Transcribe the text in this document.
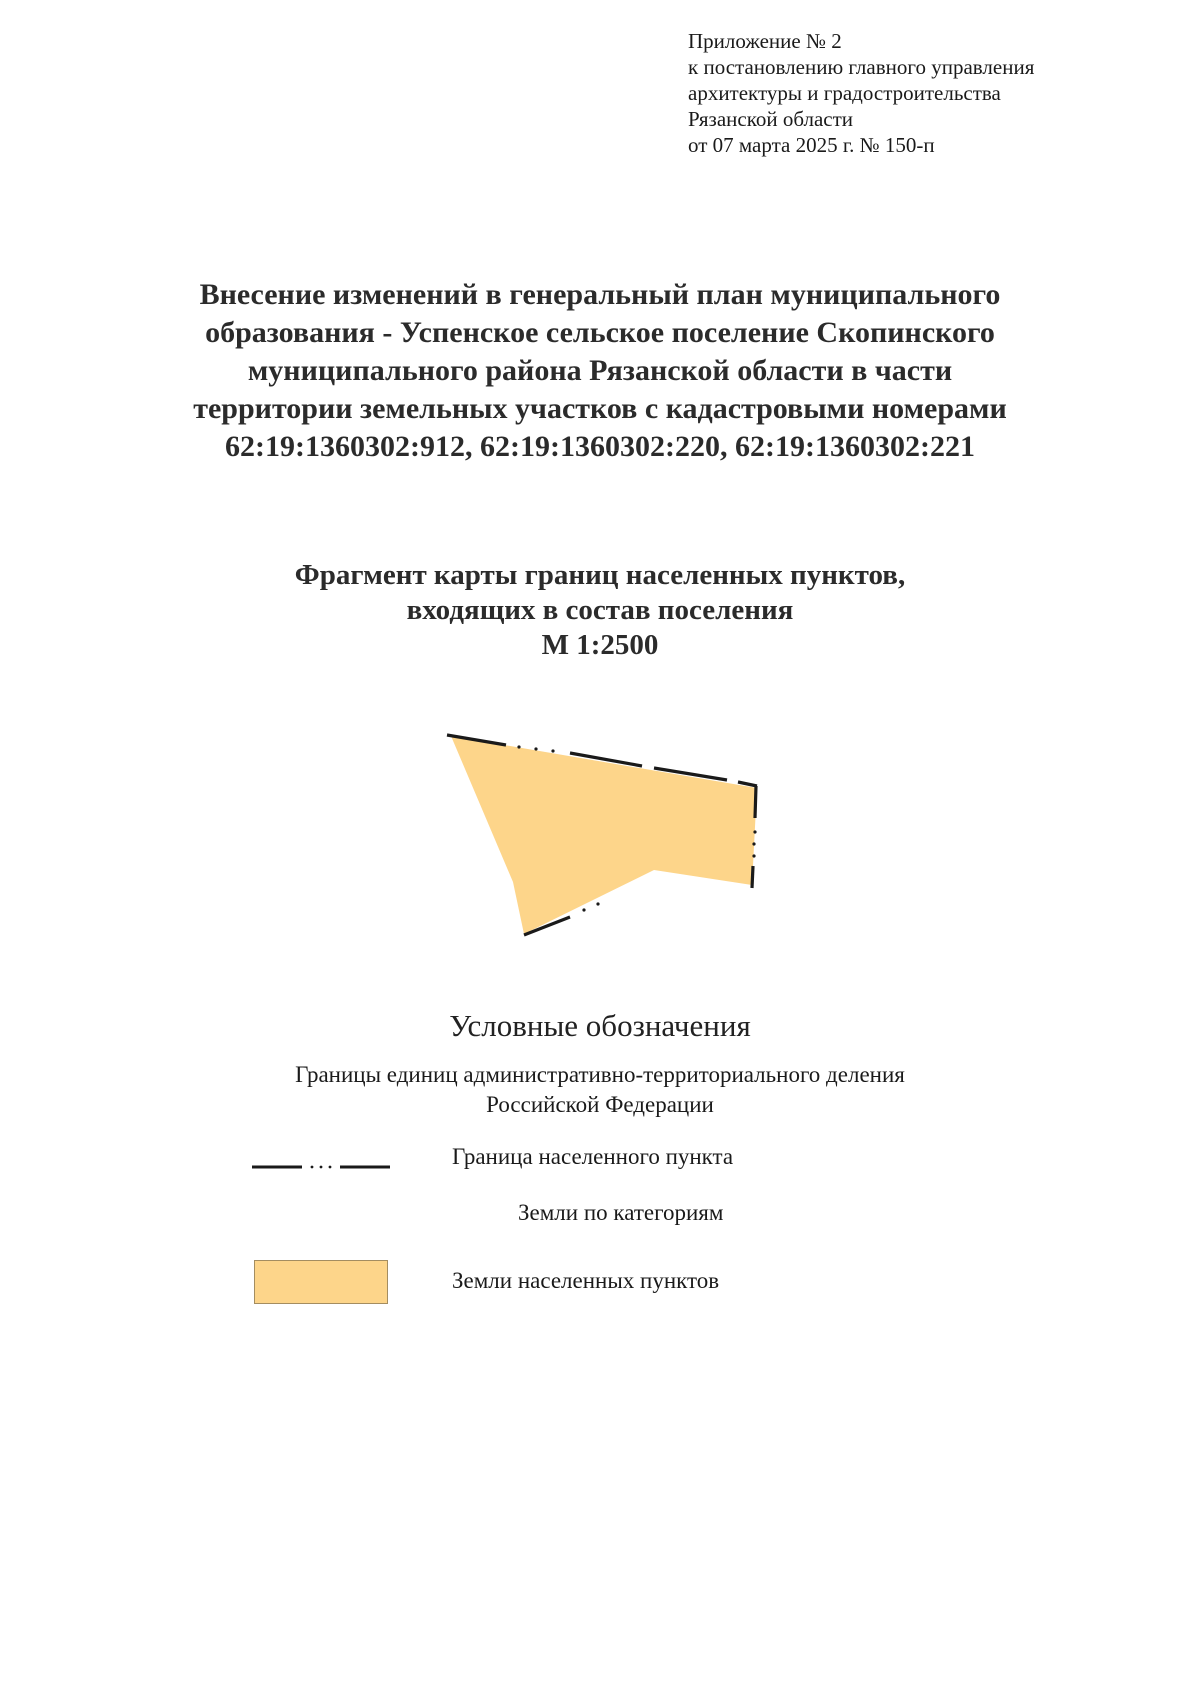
Приложение № 2
к постановлению главного управления
архитектуры и градостроительства
Рязанской области
от 07 марта 2025 г. № 150-п
Внесение изменений в генеральный план муниципального
образования - Успенское сельское поселение Скопинского
муниципального района Рязанской области в части
территории земельных участков с кадастровыми номерами
62:19:1360302:912, 62:19:1360302:220, 62:19:1360302:221
Фрагмент карты границ населенных пунктов,
входящих в состав поселения
М 1:2500
Условные обозначения
Границы единиц административно-территориального деления
Российской Федерации
Граница населенного пункта
Земли по категориям
Земли населенных пунктов
